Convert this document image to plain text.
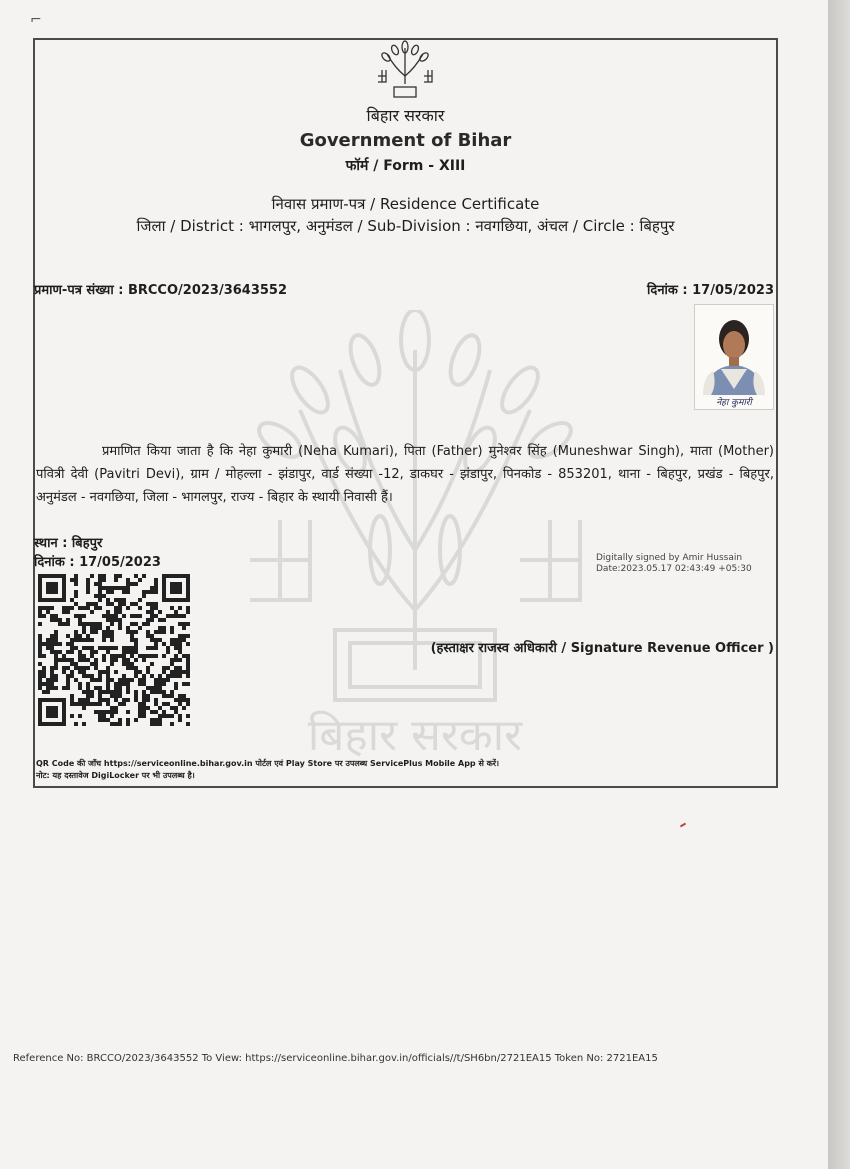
⌐
बिहार सरकार
बिहार सरकार
Government of Bihar
फॉर्म / Form - XIII
निवास प्रमाण-पत्र / Residence Certificate
जिला / District : भागलपुर, अनुमंडल / Sub-Division : नवगछिया, अंचल / Circle : बिहपुर
प्रमाण-पत्र संख्या : BRCCO/2023/3643552	दिनांक : 17/05/2023
नेहा कुमारी
प्रमाणित किया जाता है कि नेहा कुमारी (Neha Kumari), पिता (Father) मुनेश्वर सिंह (Muneshwar Singh), माता (Mother) पवित्री देवी (Pavitri Devi), ग्राम / मोहल्ला - झंडापुर, वार्ड संख्या -12, डाकघर - झंडापुर, पिनकोड - 853201, थाना - बिहपुर, प्रखंड - बिहपुर, अनुमंडल - नवगछिया, जिला - भागलपुर, राज्य - बिहार के स्थायी निवासी हैं।
स्थान : बिहपुर
दिनांक : 17/05/2023	Digitally signed by Amir Hussain
Date:2023.05.17 02:43:49 +05:30
(हस्ताक्षर राजस्व अधिकारी / Signature Revenue Officer )
QR Code की जाँच https://serviceonline.bihar.gov.in पोर्टल एवं Play Store पर उपलब्ध ServicePlus Mobile App से करें।
नोट: यह दस्तावेज DigiLocker पर भी उपलब्ध है।
Reference No: BRCCO/2023/3643552 To View: https://serviceonline.bihar.gov.in/officials//t/SH6bn/2721EA15 Token No: 2721EA15
